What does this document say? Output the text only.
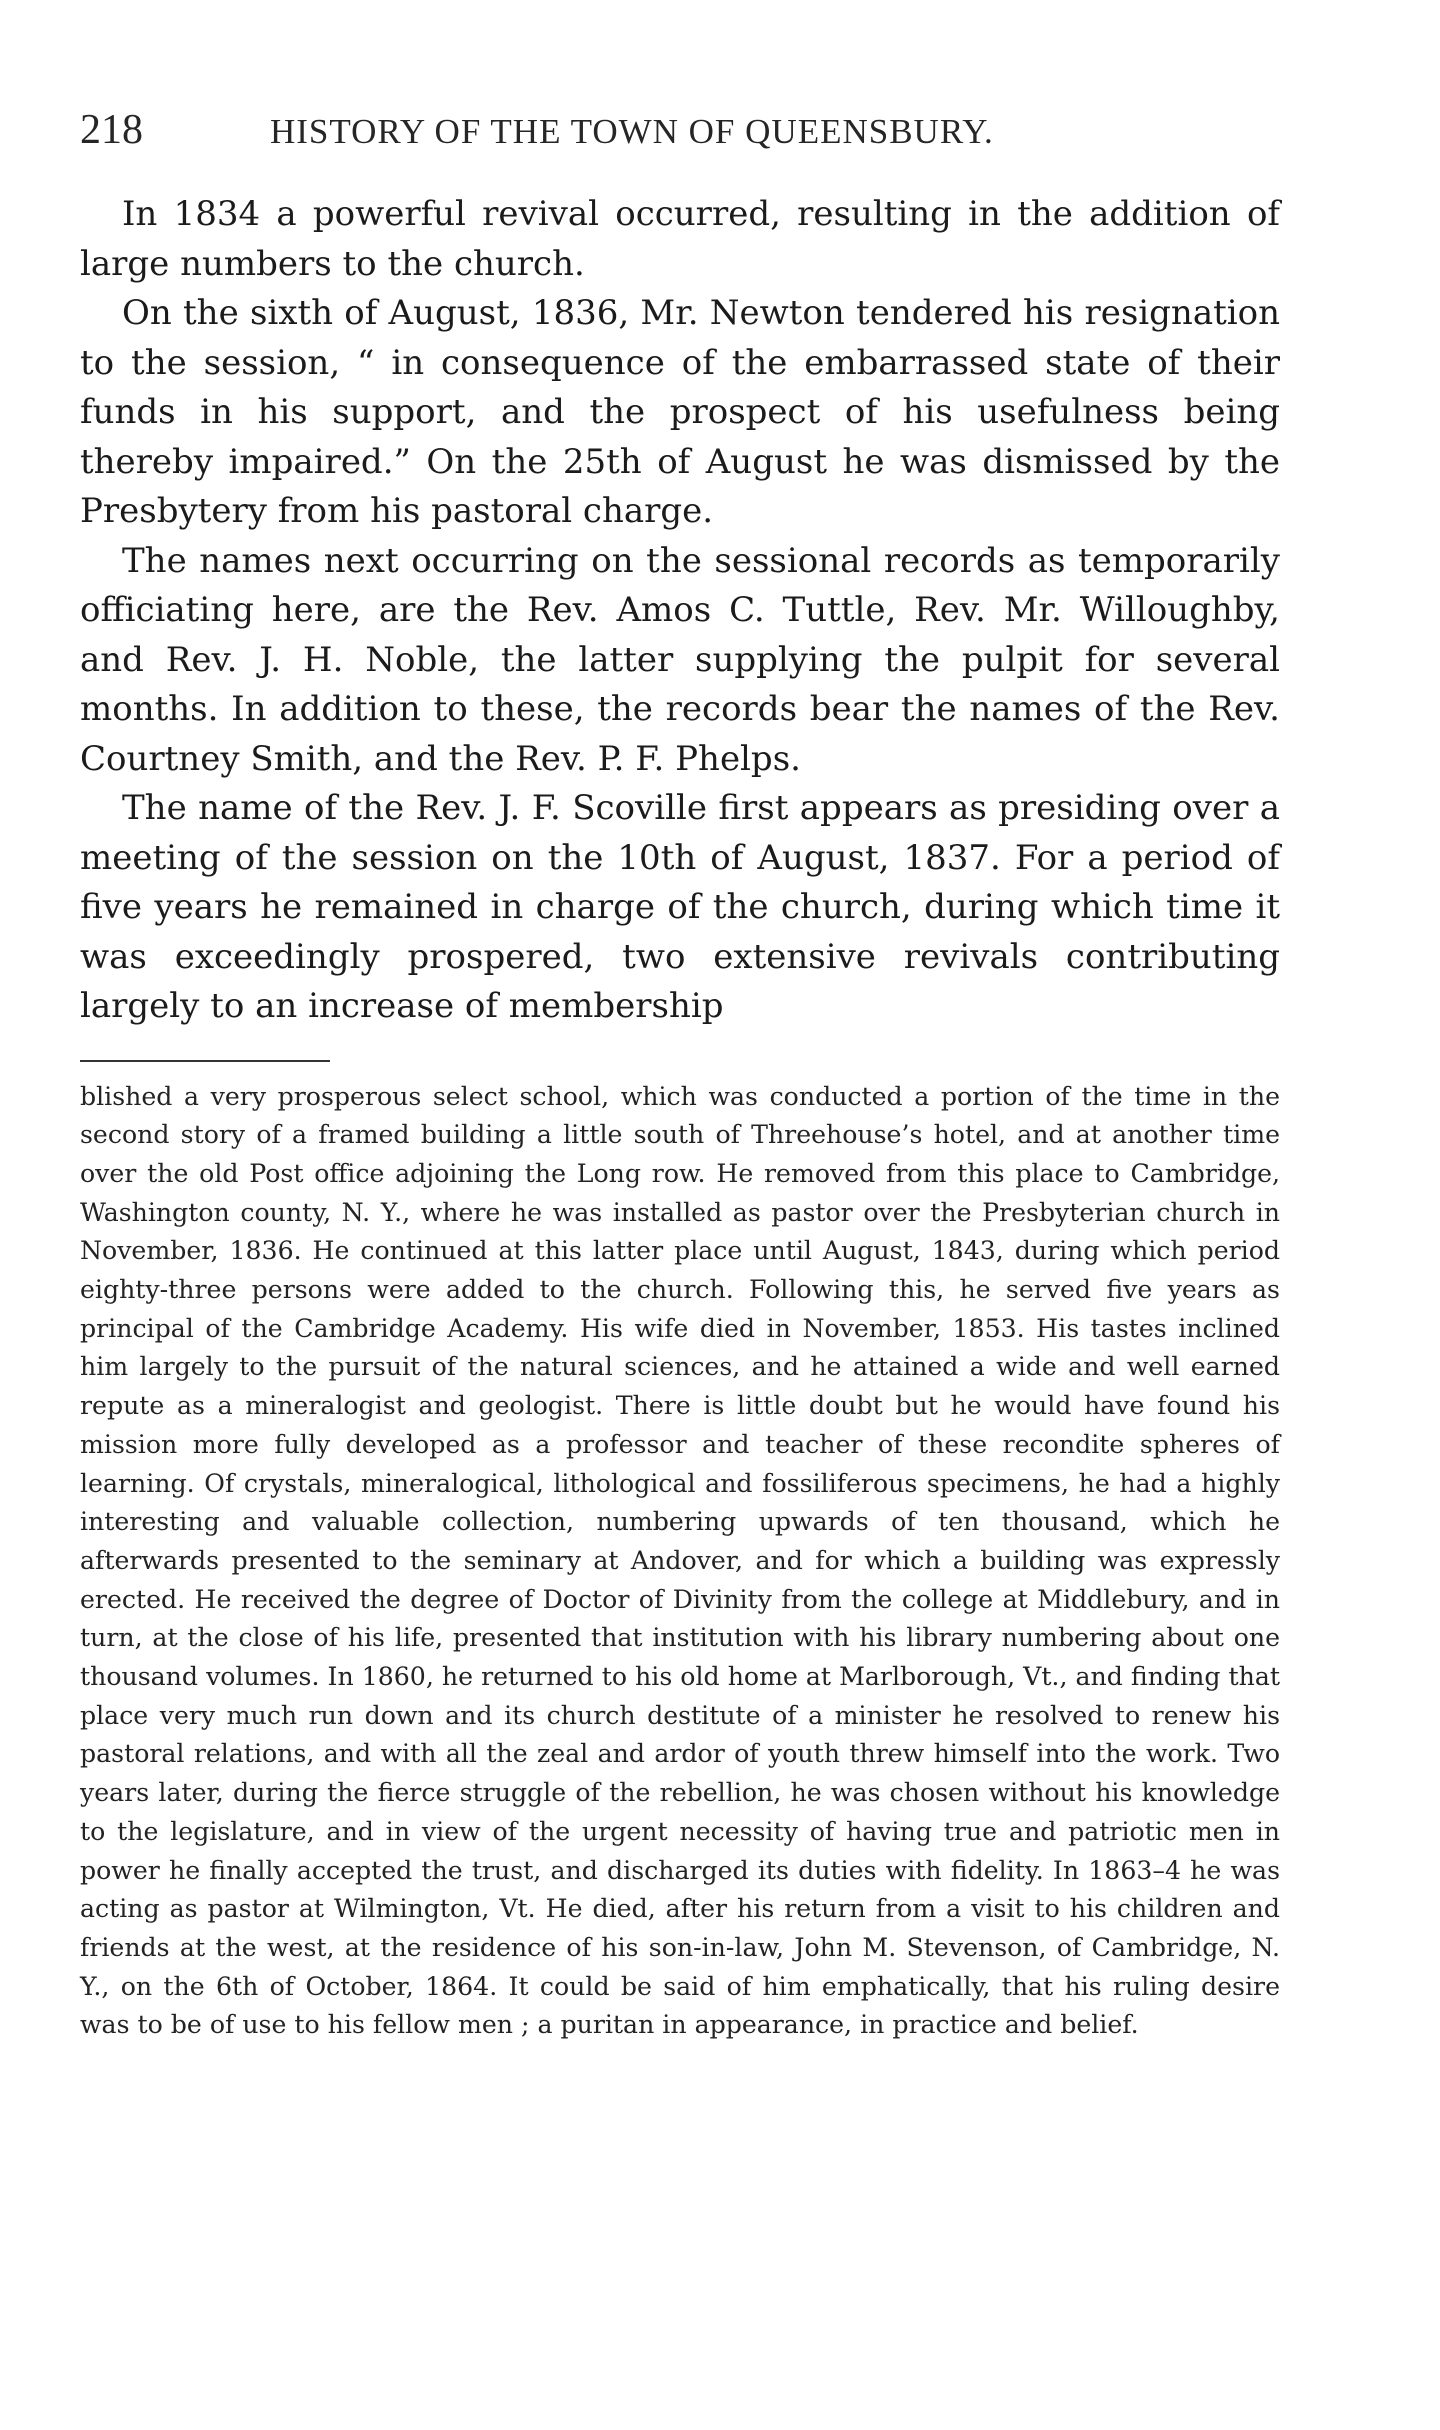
218	HISTORY OF THE TOWN OF QUEENSBURY.

In 1834 a powerful revival occurred, resulting in the addition of large numbers to the church.

On the sixth of August, 1836, Mr. Newton tendered his resignation to the session, “ in consequence of the embarrassed state of their funds in his support, and the prospect of his usefulness being thereby impaired.” On the 25th of August he was dismissed by the Presbytery from his pastoral charge.

The names next occurring on the sessional records as temporarily officiating here, are the Rev. Amos C. Tuttle, Rev. Mr. Willoughby, and Rev. J. H. Noble, the latter supplying the pulpit for several months. In addition to these, the records bear the names of the Rev. Courtney Smith, and the Rev. P. F. Phelps.

The name of the Rev. J. F. Scoville first appears as presiding over a meeting of the session on the 10th of August, 1837. For a period of five years he remained in charge of the church, during which time it was exceedingly prospered, two extensive revivals contributing largely to an increase of membership

blished a very prosperous select school, which was conducted a portion of the time in the second story of a framed building a little south of Threehouse’s hotel, and at another time over the old Post office adjoining the Long row. He removed from this place to Cambridge, Washington county, N. Y., where he was installed as pastor over the Presbyterian church in November, 1836. He continued at this latter place until August, 1843, during which period eighty-three persons were added to the church. Following this, he served five years as principal of the Cambridge Academy. His wife died in November, 1853. His tastes inclined him largely to the pursuit of the natural sciences, and he attained a wide and well earned repute as a mineralogist and geologist. There is little doubt but he would have found his mission more fully developed as a professor and teacher of these recondite spheres of learning. Of crystals, mineralogical, lithological and fossiliferous specimens, he had a highly interesting and valuable collection, numbering upwards of ten thousand, which he afterwards presented to the seminary at Andover, and for which a building was expressly erected. He received the degree of Doctor of Divinity from the college at Middlebury, and in turn, at the close of his life, presented that institution with his library numbering about one thousand volumes. In 1860, he returned to his old home at Marlborough, Vt., and finding that place very much run down and its church destitute of a minister he resolved to renew his pastoral relations, and with all the zeal and ardor of youth threw himself into the work. Two years later, during the fierce struggle of the rebellion, he was chosen without his knowledge to the legislature, and in view of the urgent necessity of having true and patriotic men in power he finally accepted the trust, and discharged its duties with fidelity. In 1863–4 he was acting as pastor at Wilmington, Vt. He died, after his return from a visit to his children and friends at the west, at the residence of his son-in-law, John M. Stevenson, of Cambridge, N. Y., on the 6th of October, 1864. It could be said of him emphatically, that his ruling desire was to be of use to his fellow men ; a puritan in appearance, in practice and belief.
